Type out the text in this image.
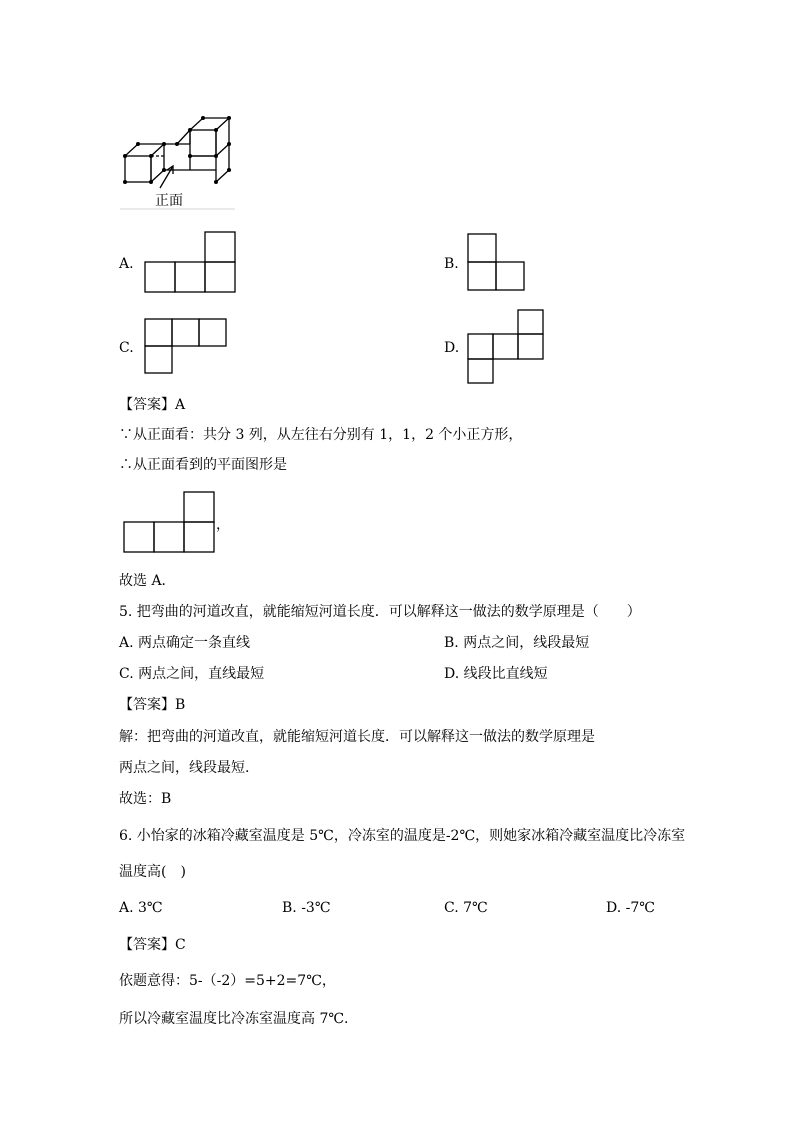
正面
A.	B.
C.	D.
【答案】A
∵从正面看：共分 3 列，从左往右分别有 1，1，2 个小正方形，
∴从正面看到的平面图形是
，
故选 A．
5. 把弯曲的河道改直，就能缩短河道长度．可以解释这一做法的数学原理是（　　）
A. 两点确定一条直线	B. 两点之间，线段最短
C. 两点之间，直线最短	D. 线段比直线短
【答案】B
解：把弯曲的河道改直，就能缩短河道长度．可以解释这一做法的数学原理是
两点之间，线段最短.
故选：B
6. 小怡家的冰箱冷藏室温度是 5℃，冷冻室的温度是-2℃，则她家冰箱冷藏室温度比冷冻室
温度高(　)
A. 3℃	B. -3℃	C. 7℃	D. -7℃
【答案】C
依题意得：5-（-2）=5+2=7℃，
所以冷藏室温度比冷冻室温度高 7℃.
